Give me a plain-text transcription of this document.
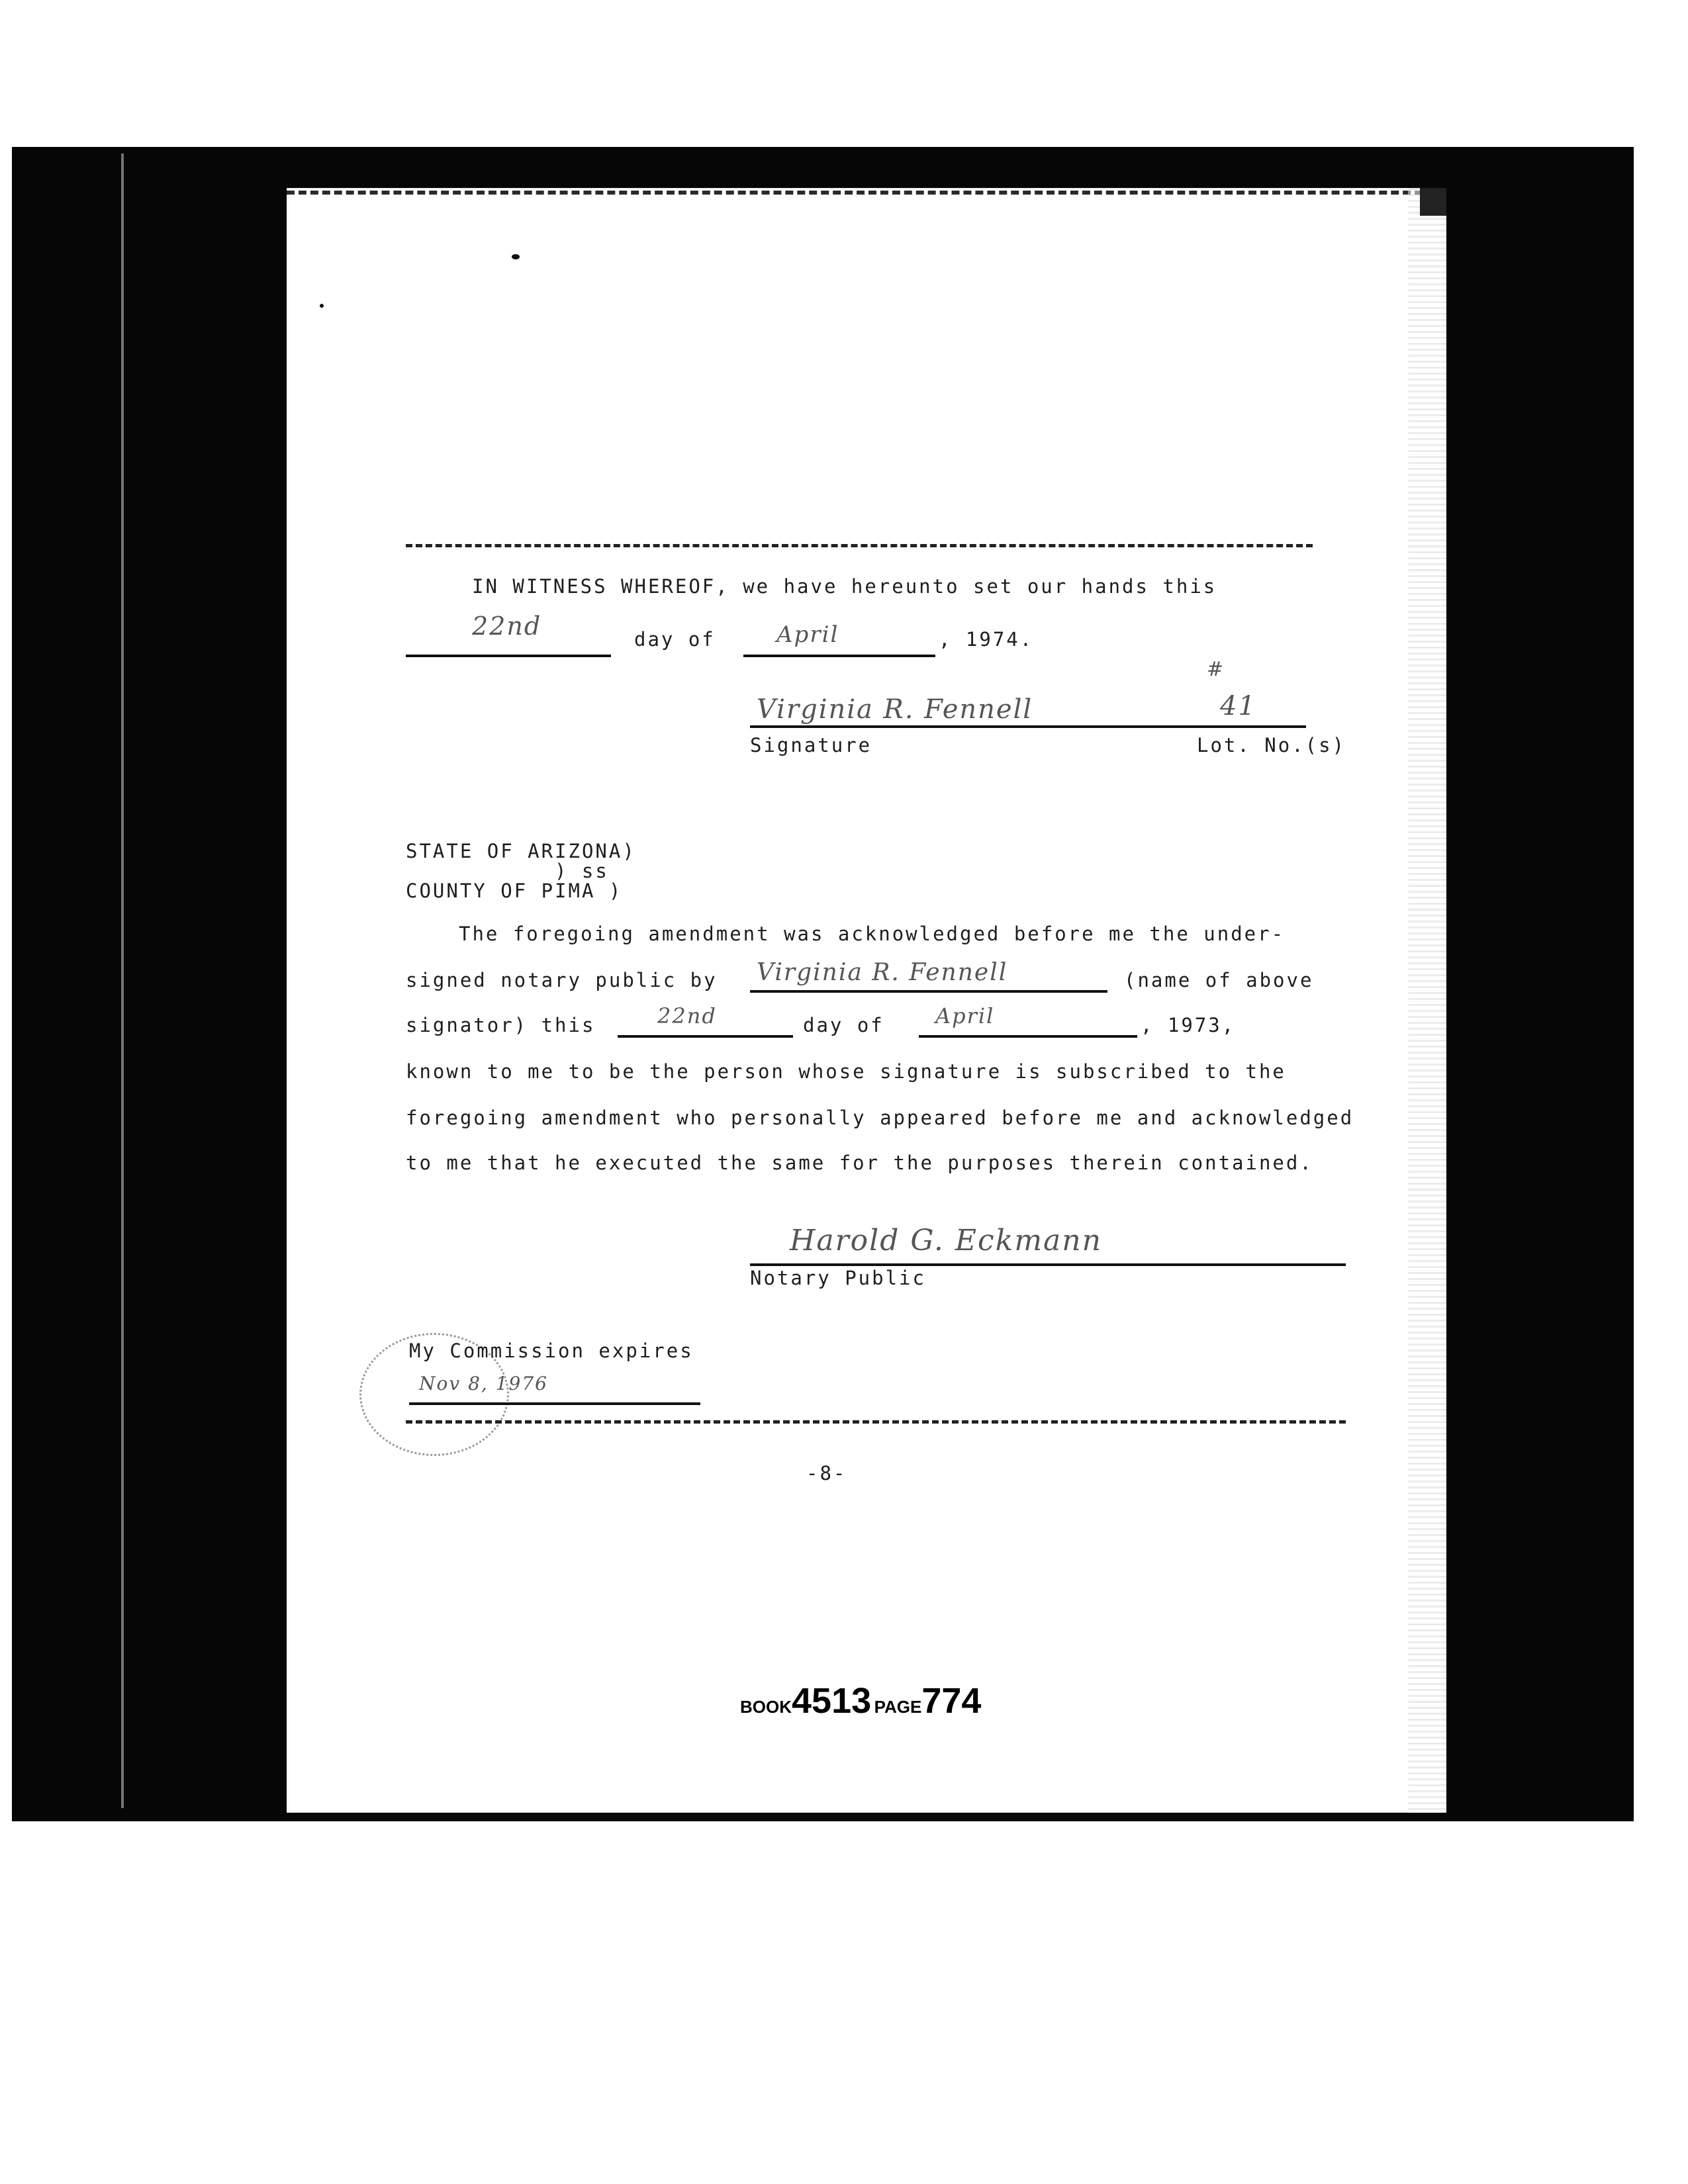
IN WITNESS WHEREOF, we have hereunto set our hands this
22nd	day of	April	, 1974.
Virginia R. Fennell
#
41
Signature	Lot. No.(s)
STATE OF ARIZONA)
) ss
COUNTY OF PIMA )
The foregoing amendment was acknowledged before me the under-
signed notary public by Virginia R. Fennell	(name of above
signator) this	22nd	day of April	, 1973,
known to me to be the person whose signature is subscribed to the
foregoing amendment who personally appeared before me and acknowledged
to me that he executed the same for the purposes therein contained.
Harold G. Eckmann
Notary Public
My Commission expires
Nov 8, 1976
-8-
BOOK4513 PAGE774
